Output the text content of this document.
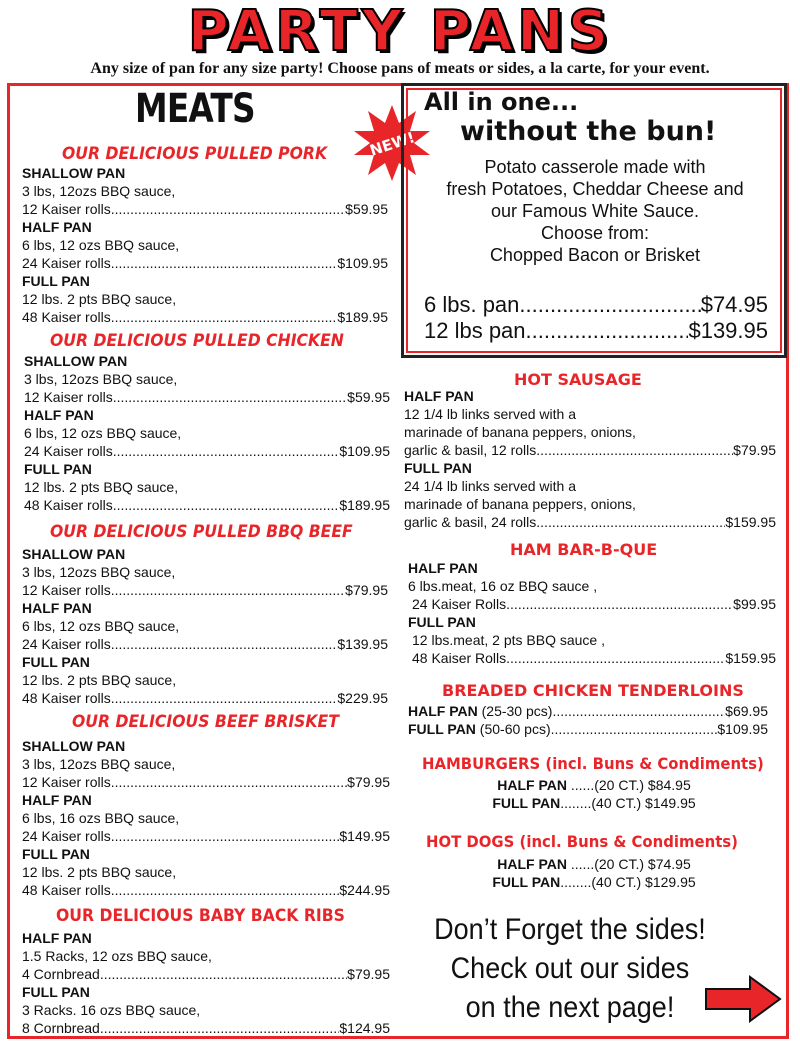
PARTY PANS
Any size of pan for any size party! Choose pans of meats or sides, a la carte, for your event.
MEATS
NEW!
OUR DELICIOUS PULLED PORK
SHALLOW PAN
3 lbs, 12ozs BBQ sauce,
12 Kaiser rolls .....	$59.95
HALF PAN
6 lbs, 12 ozs BBQ sauce,
24 Kaiser rolls .....	$109.95
FULL PAN
12 lbs. 2 pts BBQ sauce,
48 Kaiser rolls .....	$189.95
OUR DELICIOUS PULLED CHICKEN
SHALLOW PAN
3 lbs, 12ozs BBQ sauce,
12 Kaiser rolls .....	$59.95
HALF PAN
6 lbs, 12 ozs BBQ sauce,
24 Kaiser rolls .....	$109.95
FULL PAN
12 lbs. 2 pts BBQ sauce,
48 Kaiser rolls .....	$189.95
OUR DELICIOUS PULLED BBQ BEEF
SHALLOW PAN
3 lbs, 12ozs BBQ sauce,
12 Kaiser rolls .....	$79.95
HALF PAN
6 lbs, 12 ozs BBQ sauce,
24 Kaiser rolls .....	$139.95
FULL PAN
12 lbs. 2 pts BBQ sauce,
48 Kaiser rolls .....	$229.95
OUR DELICIOUS BEEF BRISKET
SHALLOW PAN
3 lbs, 12ozs BBQ sauce,
12 Kaiser rolls .....	$79.95
HALF PAN
6 lbs, 16 ozs BBQ sauce,
24 Kaiser rolls .....	$149.95
FULL PAN
12 lbs. 2 pts BBQ sauce,
48 Kaiser rolls .....	$244.95
OUR DELICIOUS BABY BACK RIBS
HALF PAN
1.5 Racks, 12 ozs BBQ sauce,
4 Cornbread .....	$79.95
FULL PAN
3 Racks. 16 ozs BBQ sauce,
8 Cornbread .....	$124.95
All in one...
without the bun!
Potato casserole made with
fresh Potatoes, Cheddar Cheese and
our Famous White Sauce.
Choose from:
Chopped Bacon or Brisket
6 lbs. pan .....	$74.95
12 lbs pan .....	$139.95
HOT SAUSAGE
HALF PAN
12 1/4 lb links served with a
marinade of banana peppers, onions,
garlic & basil, 12 rolls .....	$79.95
FULL PAN
24 1/4 lb links served with a
marinade of banana peppers, onions,
garlic & basil, 24 rolls .....	$159.95
HAM BAR-B-QUE
HALF PAN
6 lbs.meat, 16 oz BBQ sauce ,
24 Kaiser Rolls .....	$99.95
FULL PAN
12 lbs.meat, 2 pts BBQ sauce ,
48 Kaiser Rolls .....	$159.95
BREADED CHICKEN TENDERLOINS
HALF PAN (25-30 pcs) .....	$69.95
FULL PAN (50-60 pcs) .....	$109.95
HAMBURGERS (incl. Buns & Condiments)
HALF PAN ......(20 CT.) $84.95
FULL PAN........(40 CT.) $149.95
HOT DOGS (incl. Buns & Condiments)
HALF PAN ......(20 CT.) $74.95
FULL PAN........(40 CT.) $129.95
Don’t Forget the sides!
Check out our sides
on the next page!
